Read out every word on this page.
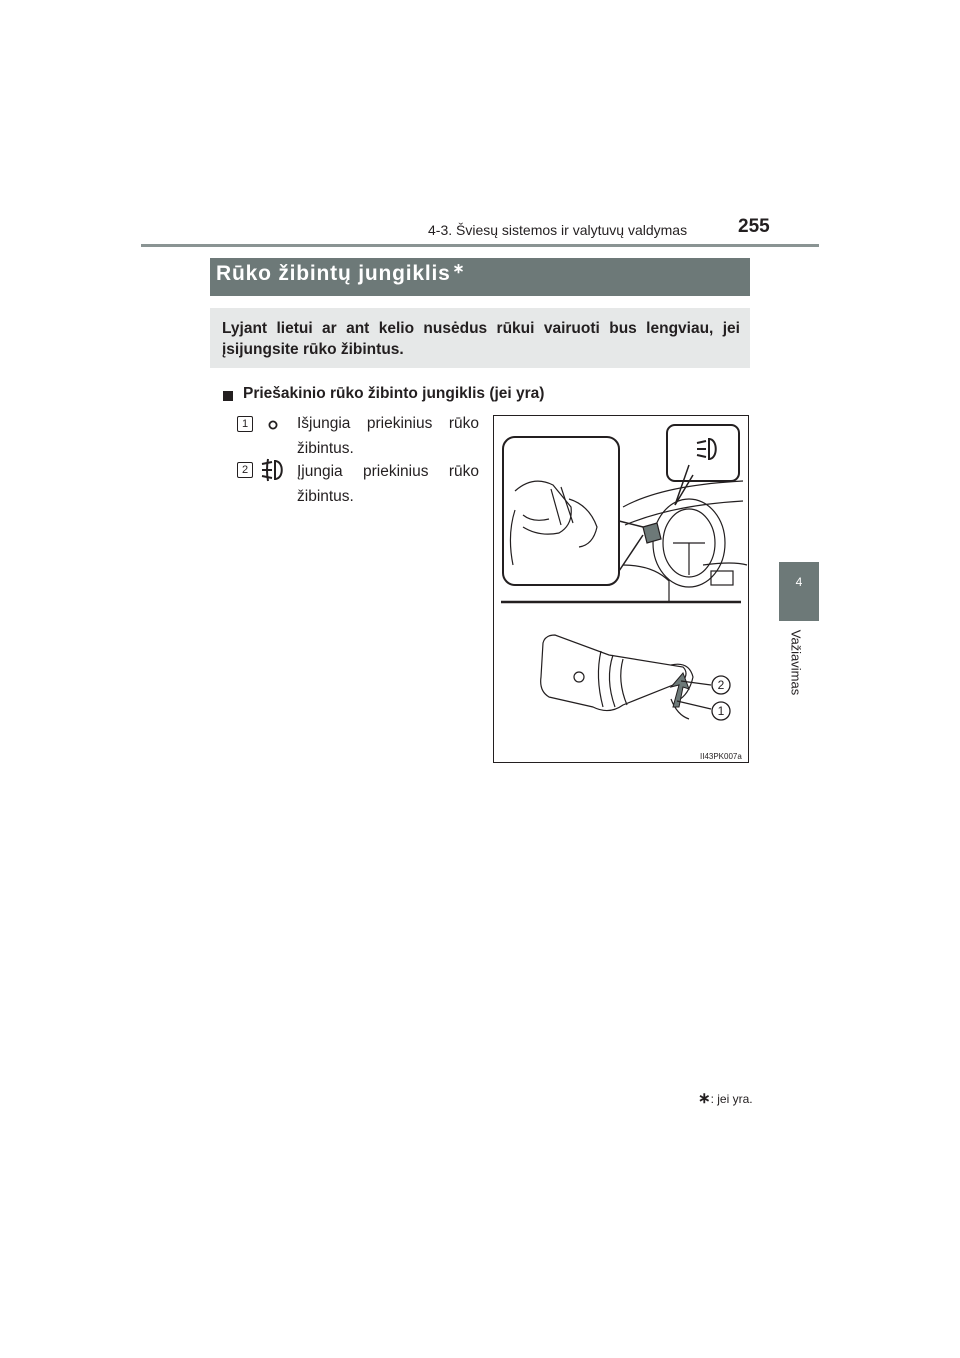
4-3. Šviesų sistemos ir valytuvų valdymas	255
4
Važiavimas
Rūko žibintų jungiklis ∗
Lyjant lietui ar ant kelio nusėdus rūkui vairuoti bus lengviau, jei
įsijungsite rūko žibintus.
Priešakinio rūko žibinto jungiklis (jei yra)
1	Išjungia priekinius rūko
žibintus.
2	Įjungia priekinius rūko
žibintus.
2
1
II43PK007a
∗: jei yra.
